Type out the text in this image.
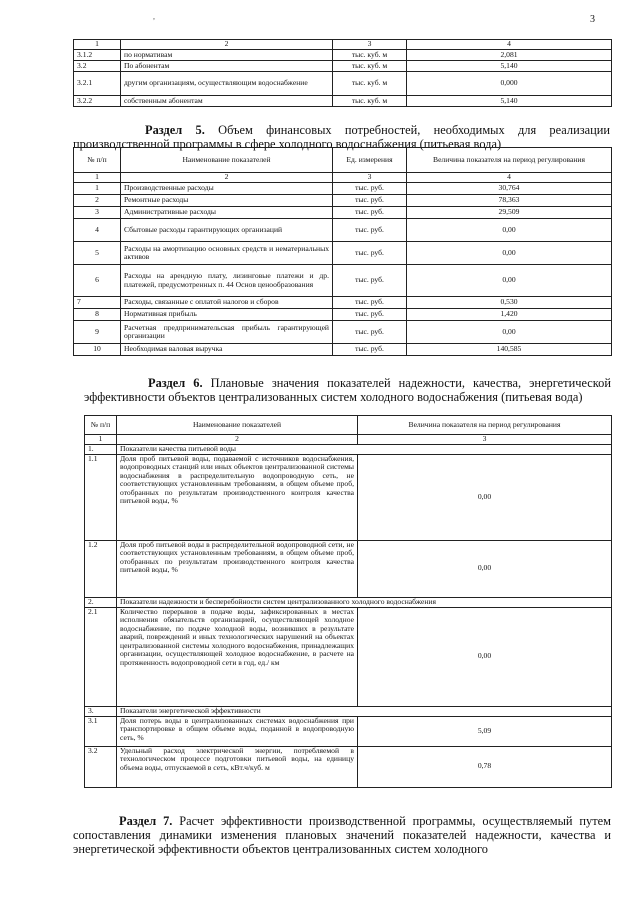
,	3
1	2	3	4
3.1.2	по нормативам	тыс. куб. м	2,081
3.2	По абонентам	тыс. куб. м	5,140
3.2.1	другим организациям, осуществляющим водоснабжение	тыс. куб. м	0,000
3.2.2	собственным абонентам	тыс. куб. м	5,140
Раздел 5. Объем финансовых потребностей, необходимых для реализации производственной программы в сфере холодного водоснабжения (питьевая вода)
№ п/п	Наименование показателей	Ед. измерения	Величина показателя на период регулирования
1	2	3	4
1	Производственные расходы	тыс. руб.	30,764
2	Ремонтные расходы	тыс. руб.	78,363
3	Административные расходы	тыс. руб.	29,509
4	Сбытовые расходы гарантирующих организаций	тыс. руб.	0,00
5	Расходы на амортизацию основных средств и нематериальных активов	тыс. руб.	0,00
6	Расходы на арендную плату, лизинговые платежи и др. платежей, предусмотренных п. 44 Основ ценообразования	тыс. руб.	0,00
7	Расходы, связанные с оплатой налогов и сборов	тыс. руб.	0,530
8	Нормативная прибыль	тыс. руб.	1,420
9	Расчетная предпринимательская прибыль гарантирующей организации	тыс. руб.	0,00
10	Необходимая валовая выручка	тыс. руб.	140,585
Раздел 6. Плановые значения показателей надежности, качества, энергетической эффективности объектов централизованных систем холодного водоснабжения (питьевая вода)
№ п/п	Наименование показателей	Величина показателя на период регулирования
1	2	3
1.	Показатели качества питьевой воды	
1.1	Доля проб питьевой воды, подаваемой с источников водоснабжения, водопроводных станций или иных объектов централизованной системы водоснабжения в распределительную водопроводную сеть, не соответствующих установленным требованиям, в общем объеме проб, отобранных по результатам производственного контроля качества питьевой воды, %	0,00
1.2	Доля проб питьевой воды в распределительной водопроводной сети, не соответствующих установленным требованиям, в общем объеме проб, отобранных по результатам производственного контроля качества питьевой воды, %	0,00
2.	Показатели надежности и бесперебойности систем централизованного холодного водоснабжения	
2.1	Количество перерывов в подаче воды, зафиксированных в местах исполнения обязательств организацией, осуществляющей холодное водоснабжение, по подаче холодной воды, возникших в результате аварий, повреждений и иных технологических нарушений на объектах централизованной системы холодного водоснабжения, принадлежащих организации, осуществляющей холодное водоснабжение, в расчете на протяженность водопроводной сети в год, ед./ км	0,00
3.	Показатели энергетической эффективности	
3.1	Доля потерь воды в централизованных системах водоснабжения при транспортировке в общем объеме воды, поданной в водопроводную сеть, %	5,09
3.2	Удельный расход электрической энергии, потребляемой в технологическом процессе подготовки питьевой воды, на единицу объема воды, отпускаемой в сеть, кВт.ч/куб. м	0,78
Раздел 7. Расчет эффективности производственной программы, осуществляемый путем сопоставления динамики изменения плановых значений показателей надежности, качества и энергетической эффективности объектов централизованных систем холодного
